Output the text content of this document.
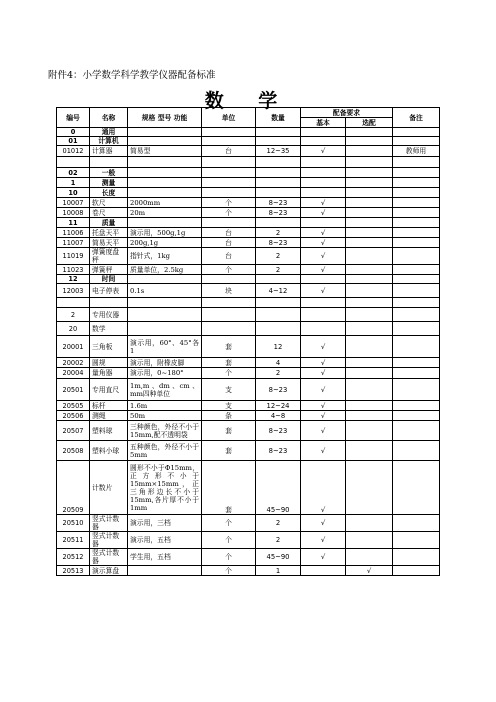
附件4：小学数学科学教学仪器配备标准
数 学
编号	名称	规格 型号 功能	单位	数量	配备要求		备注
					基本	选配	
0	通用						
01	计算机						
01012	计算器	简易型	台	12~35	√		教师用

02	一般						
1	测量						
10	长度						
10007	软尺	2000mm	个	8~23	√		
10008	卷尺	20m	个	8~23	√		
11	质量						
11006	托盘天平	演示用，500g,1g	台	2	√		
11007	简易天平	200g,1g	台	8~23	√		
11019	弹簧度盘秤	指针式，1kg	台	2	√		
11023	弹簧秤	质量单位，2.5kg	个	2	√		
12	时间						
12003	电子停表	0.1s	块	4~12	√		

2	专用仪器						
20	数学						
20001	三角板	演示用，60°、45°各1	套	12	√		
20002	圆规	演示用，附橡皮脚	套	4	√		
20004	量角器	演示用，0~180°	个	2	√		
20501	专用直尺	1m,m 、dm 、cm 、mm四种单位	支	8~23	√		
20505	标杆	1.6m	支	12~24	√		
20506	测绳	50m	条	4~8	√		
20507	塑料球	三种颜色，外径不小于15mm,配不透明袋	套	8~23	√		
20508	塑料小球	五种颜色，外径不小于5mm	套	8~23	√		
20509	计数片	圆形不小于Φ15mm，正方形不小于15mm×15mm，正三角形边长不小于15mm,各片厚不小于1mm	套	45~90	√		
20510	竖式计数器	演示用，三档	个	2	√		
20511	竖式计数器	演示用，五档	个	2	√		
20512	竖式计数器	学生用，五档	个	45~90	√		
20513	演示算盘		个	1		√	
